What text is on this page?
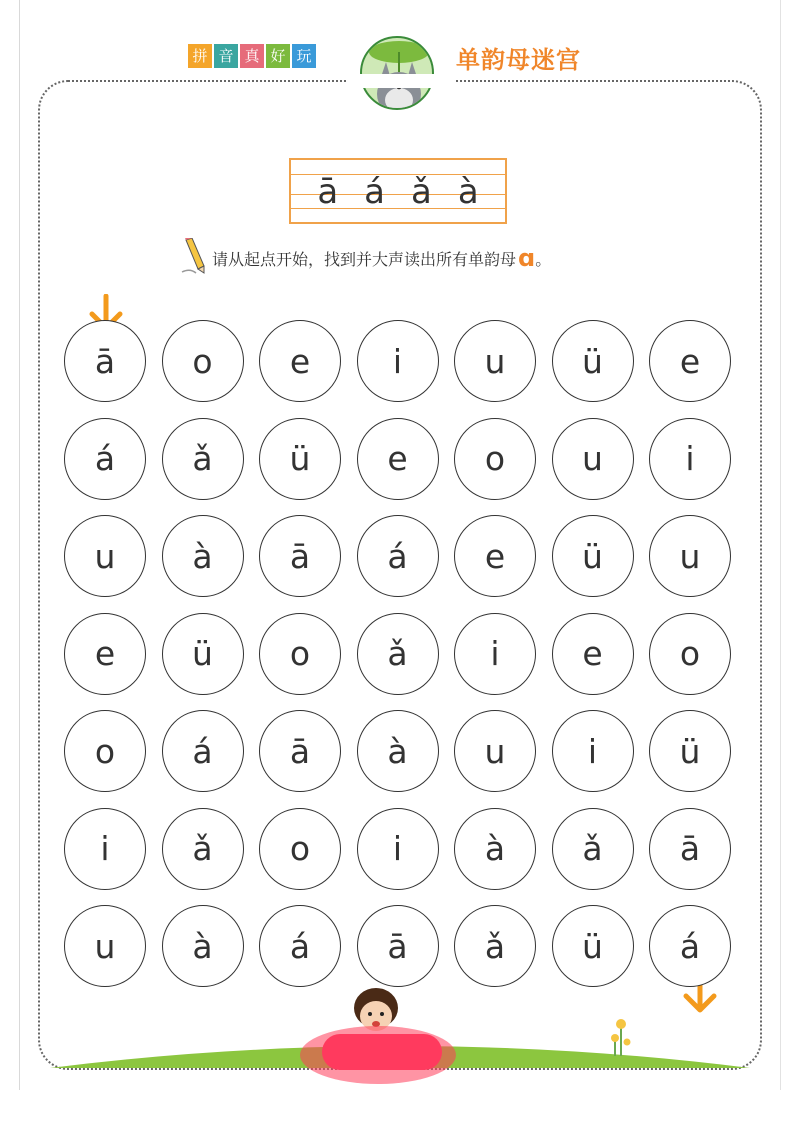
拼 音 真 好 玩	单韵母迷宫
ā á ǎ à
请从起点开始，找到并大声读出所有单韵母 ɑ 。
ā	o	e	i	u	ü	e
á	ǎ	ü	e	o	u	i
u	à	ā	á	e	ü	u
e	ü	o	ǎ	i	e	o
o	á	ā	à	u	i	ü
i	ǎ	o	i	à	ǎ	ā
u	à	á	ā	ǎ	ü	á
